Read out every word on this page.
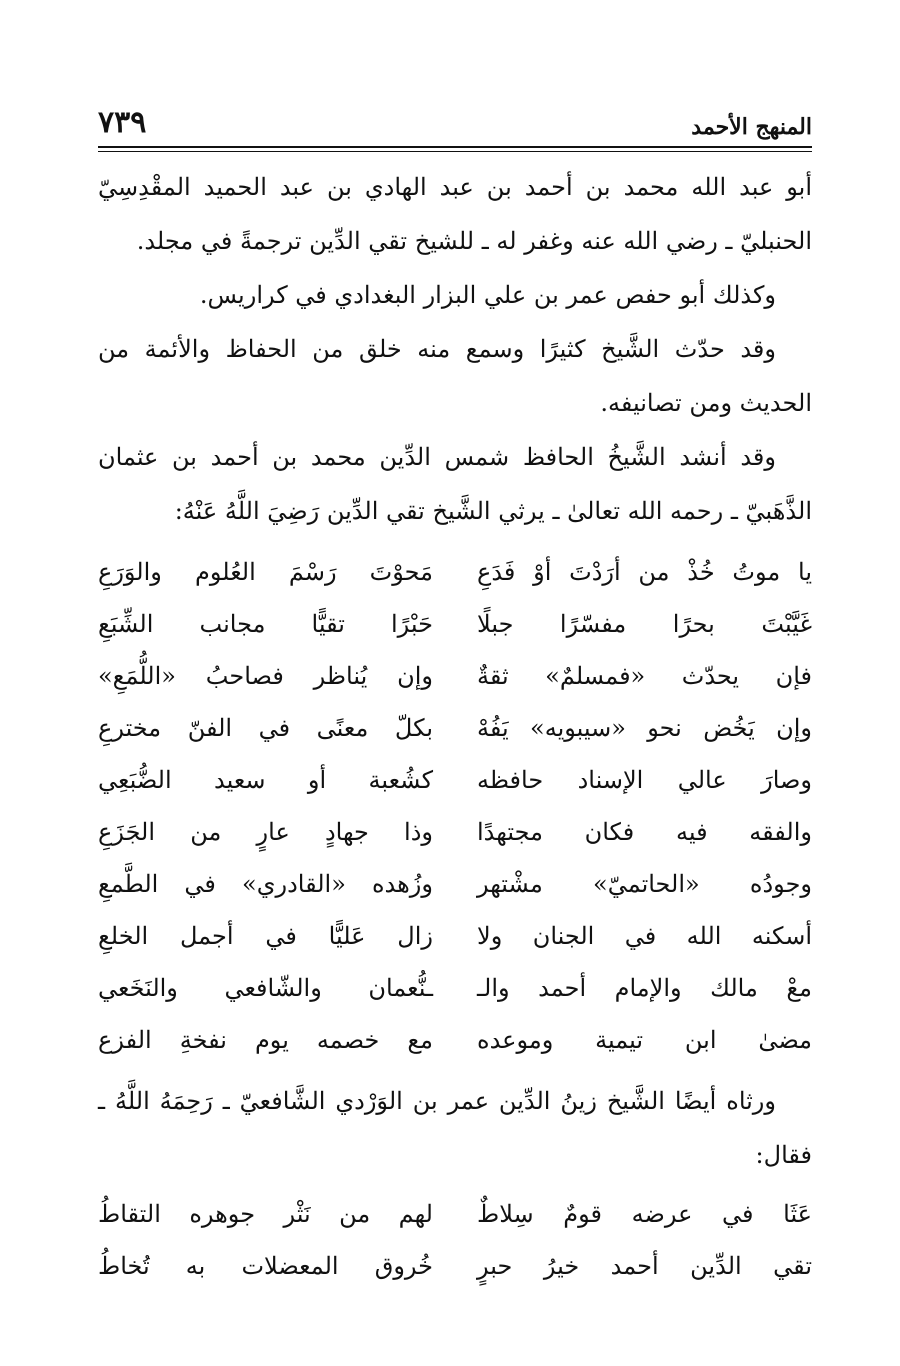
المنهج الأحمد
٧٣٩

أبو عبد الله محمد بن أحمد بن عبد الهادي بن عبد الحميد المقْدِسِيّ الحنبليّ ـ رضي الله عنه وغفر له ـ للشيخ تقي الدِّين ترجمةً في مجلد.

وكذلك أبو حفص عمر بن علي البزار البغدادي في كراريس.

وقد حدّث الشَّيخ كثيرًا وسمع منه خلق من الحفاظ والأئمة من الحديث ومن تصانيفه.

وقد أنشد الشَّيخُ الحافظ شمس الدِّين محمد بن أحمد بن عثمان الذَّهَبيّ ـ رحمه الله تعالىٰ ـ يرثي الشَّيخ تقي الدِّين رَضِيَ اللَّهُ عَنْهُ:

يا موتُ خُذْ من أرَدْتَ أوْ فَدَعِ
مَحوْتَ رَسْمَ العُلوم والوَرَعِ
غَيَّبْتَ بحرًا مفسّرًا جبلًا
حَبْرًا تقيًّا مجانب الشِّبَعِ
فإن يحدّث «فمسلمٌ» ثقةٌ
وإن يُناظر فصاحبُ «اللُّمَعِ»
وإن يَخُض نحو «سيبويه» يَفُهْ
بكلّ معنًى في الفنّ مخترعِ
وصارَ عالي الإسناد حافظه
كشُعبة أو سعيد الضُّبَعِي
والفقه فيه فكان مجتهدًا
وذا جهادٍ عارٍ من الجَزَعِ
وجودُه «الحاتميّ» مشْتهر
وزُهده «القادري» في الطَّمعِ
أسكنه الله في الجنان ولا
زال عَليًّا في أجمل الخلعِ
معْ مالك والإمام أحمد والـ
ـنُّعمان والشّافعي والنَخَعي
مضىٰ ابن تيمية وموعده
مع خصمه يوم نفخةِ الفزع

ورثاه أيضًا الشَّيخ زينُ الدِّين عمر بن الوَرْدي الشَّافعيّ ـ رَحِمَهُ اللَّهُ ـ فقال:

عَثَا في عرضه قومٌ سِلاطٌ
لهم من نَثْر جوهره التقاطُ
تقي الدِّين أحمد خيرُ حبرٍ
خُروق المعضلات به تُخاطُ
